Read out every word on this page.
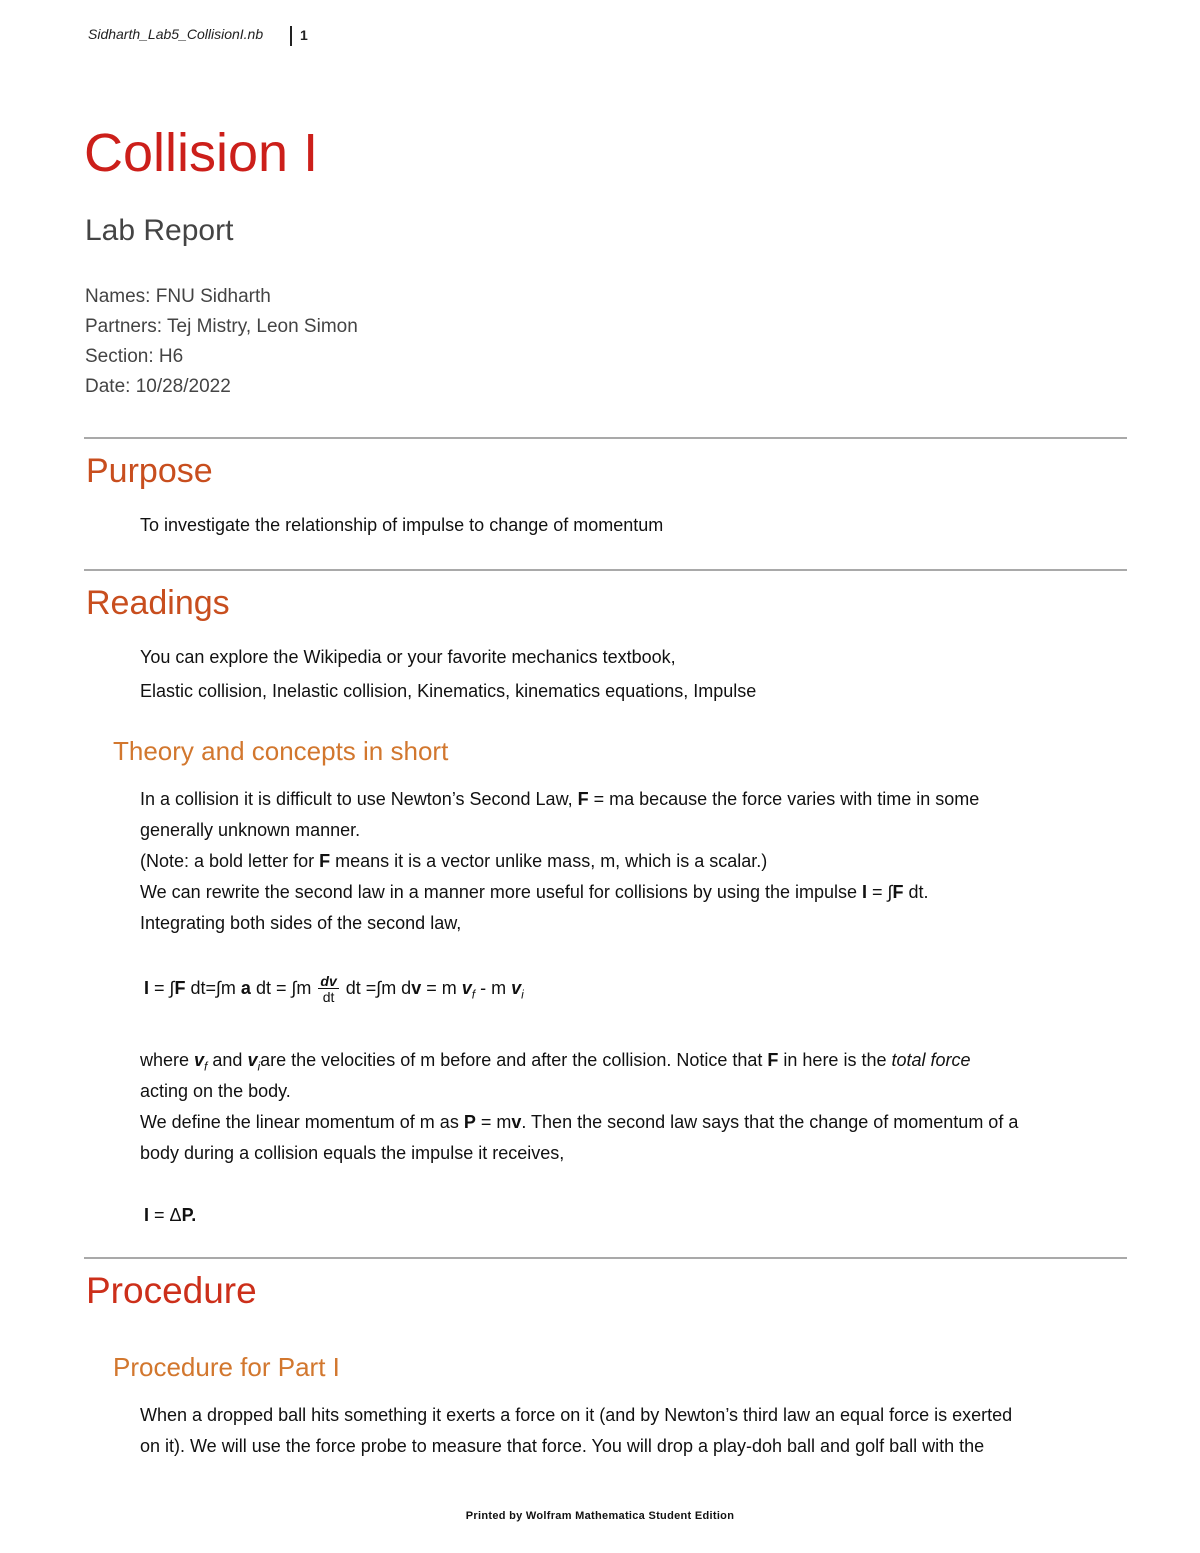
Sidharth_Lab5_CollisionI.nb	1
Collision I
Lab Report
Names: FNU Sidharth
Partners: Tej Mistry, Leon Simon
Section: H6
Date: 10/28/2022
Purpose
To investigate the relationship of impulse to change of momentum
Readings
You can explore the Wikipedia or your favorite mechanics textbook,
Elastic collision, Inelastic collision, Kinematics, kinematics equations, Impulse
Theory and concepts in short
In a collision it is difficult to use Newton’s Second Law, F = ma because the force varies with time in some
generally unknown manner.
(Note: a bold letter for F means it is a vector unlike mass, m, which is a scalar.)
We can rewrite the second law in a manner more useful for collisions by using the impulse I = ∫F dt.
Integrating both sides of the second law,
I = ∫F dt=∫m a dt = $\int m \frac{dv}{dt}$ dt =∫m dv = m $v_f$ - m $v_i$
where $v_f$ and $v_iare$ the velocities of m before and after the collision. Notice that F in here is the total force
acting on the body.
We define the linear momentum of m as P = mv. Then the second law says that the change of momentum of a
body during a collision equals the impulse it receives,
I = ΔP.
Procedure
Procedure for Part I
When a dropped ball hits something it exerts a force on it (and by Newton’s third law an equal force is exerted
on it). We will use the force probe to measure that force. You will drop a play-doh ball and golf ball with the
Printed by Wolfram Mathematica Student Edition
